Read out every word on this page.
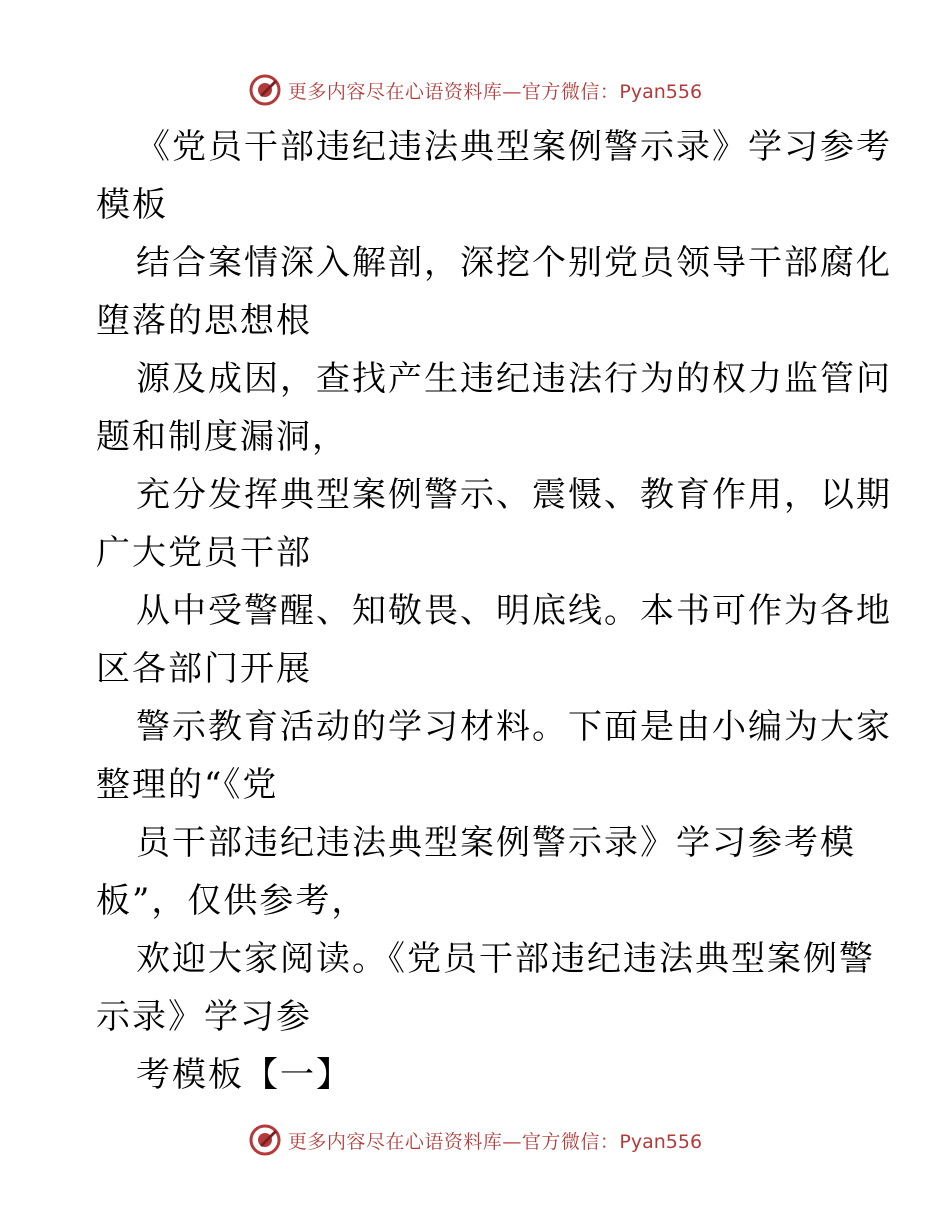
更多内容尽在心语资料库—官方微信：Pyan556

《党员干部违纪违法典型案例警示录》学习参考

模板

结合案情深入解剖，深挖个别党员领导干部腐化

堕落的思想根

源及成因，查找产生违纪违法行为的权力监管问

题和制度漏洞，

充分发挥典型案例警示、震慑、教育作用，以期

广大党员干部

从中受警醒、知敬畏、明底线。本书可作为各地

区各部门开展

警示教育活动的学习材料。下面是由小编为大家

整理的“《党

员干部违纪违法典型案例警示录》学习参考模

板”，仅供参考，

欢迎大家阅读。《党员干部违纪违法典型案例警

示录》学习参

考模板【一】

更多内容尽在心语资料库—官方微信：Pyan556
